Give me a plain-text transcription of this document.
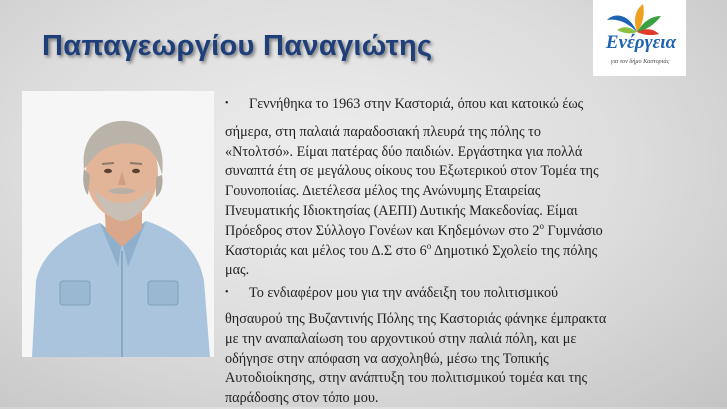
Παπαγεωργίου Παναγιώτης	Ενέργεια
για τον δήμο Καστοριάς

• Γεννήθηκα το 1963 στην Καστοριά, όπου και κατοικώ έως
σήμερα, στη παλαιά παραδοσιακή πλευρά της πόλης το
«Ντολτσό». Είμαι πατέρας δύο παιδιών. Εργάστηκα για πολλά
συναπτά έτη σε μεγάλους οίκους του Εξωτερικού στον Τομέα της
Γουνοποιίας. Διετέλεσα μέλος της Ανώνυμης Εταιρείας
Πνευματικής Ιδιοκτησίας (ΑΕΠΙ) Δυτικής Μακεδονίας. Είμαι
Πρόεδρος στον Σύλλογο Γονέων και Κηδεμόνων στο $2^o$ Γυμνάσιο
Καστοριάς και μέλος του Δ.Σ στο $6^o$ Δημοτικό Σχολείο της πόλης
μας.

• Το ενδιαφέρον μου για την ανάδειξη του πολιτισμικού
θησαυρού της Βυζαντινής Πόλης της Καστοριάς φάνηκε έμπρακτα
με την αναπαλαίωση του αρχοντικού στην παλιά πόλη, και με
οδήγησε στην απόφαση να ασχοληθώ, μέσω της Τοπικής
Αυτοδιοίκησης, στην ανάπτυξη του πολιτισμικού τομέα και της
παράδοσης στον τόπο μου.
